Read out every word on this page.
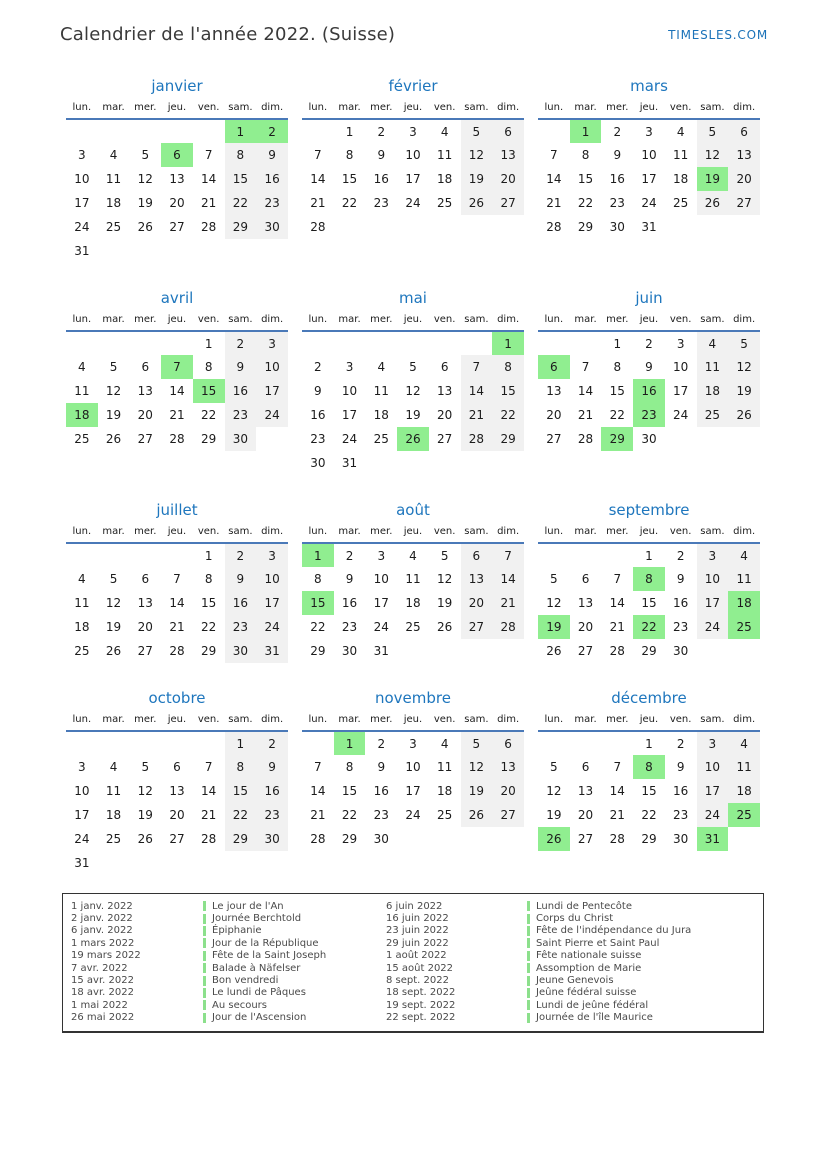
Calendrier de l'année 2022. (Suisse)	TIMESLES.COM
janvier
lun.	mar.	mer.	jeu.	ven.	sam.	dim.
					1	2
3	4	5	6	7	8	9
10	11	12	13	14	15	16
17	18	19	20	21	22	23
24	25	26	27	28	29	30
31						
février
lun.	mar.	mer.	jeu.	ven.	sam.	dim.
	1	2	3	4	5	6
7	8	9	10	11	12	13
14	15	16	17	18	19	20
21	22	23	24	25	26	27
28						
mars
lun.	mar.	mer.	jeu.	ven.	sam.	dim.
	1	2	3	4	5	6
7	8	9	10	11	12	13
14	15	16	17	18	19	20
21	22	23	24	25	26	27
28	29	30	31			
avril
lun.	mar.	mer.	jeu.	ven.	sam.	dim.
				1	2	3
4	5	6	7	8	9	10
11	12	13	14	15	16	17
18	19	20	21	22	23	24
25	26	27	28	29	30	
mai
lun.	mar.	mer.	jeu.	ven.	sam.	dim.
						1
2	3	4	5	6	7	8
9	10	11	12	13	14	15
16	17	18	19	20	21	22
23	24	25	26	27	28	29
30	31					
juin
lun.	mar.	mer.	jeu.	ven.	sam.	dim.
		1	2	3	4	5
6	7	8	9	10	11	12
13	14	15	16	17	18	19
20	21	22	23	24	25	26
27	28	29	30			
juillet
lun.	mar.	mer.	jeu.	ven.	sam.	dim.
				1	2	3
4	5	6	7	8	9	10
11	12	13	14	15	16	17
18	19	20	21	22	23	24
25	26	27	28	29	30	31
août
lun.	mar.	mer.	jeu.	ven.	sam.	dim.
1	2	3	4	5	6	7
8	9	10	11	12	13	14
15	16	17	18	19	20	21
22	23	24	25	26	27	28
29	30	31				
septembre
lun.	mar.	mer.	jeu.	ven.	sam.	dim.
			1	2	3	4
5	6	7	8	9	10	11
12	13	14	15	16	17	18
19	20	21	22	23	24	25
26	27	28	29	30		
octobre
lun.	mar.	mer.	jeu.	ven.	sam.	dim.
					1	2
3	4	5	6	7	8	9
10	11	12	13	14	15	16
17	18	19	20	21	22	23
24	25	26	27	28	29	30
31						
novembre
lun.	mar.	mer.	jeu.	ven.	sam.	dim.
	1	2	3	4	5	6
7	8	9	10	11	12	13
14	15	16	17	18	19	20
21	22	23	24	25	26	27
28	29	30				
décembre
lun.	mar.	mer.	jeu.	ven.	sam.	dim.
			1	2	3	4
5	6	7	8	9	10	11
12	13	14	15	16	17	18
19	20	21	22	23	24	25
26	27	28	29	30	31	
1 janv. 2022	Le jour de l'An
2 janv. 2022	Journée Berchtold
6 janv. 2022	Épiphanie
1 mars 2022	Jour de la République
19 mars 2022	Fête de la Saint Joseph
7 avr. 2022	Balade à Näfelser
15 avr. 2022	Bon vendredi
18 avr. 2022	Le lundi de Pâques
1 mai 2022	Au secours
26 mai 2022	Jour de l'Ascension
6 juin 2022	Lundi de Pentecôte
16 juin 2022	Corps du Christ
23 juin 2022	Fête de l'indépendance du Jura
29 juin 2022	Saint Pierre et Saint Paul
1 août 2022	Fête nationale suisse
15 août 2022	Assomption de Marie
8 sept. 2022	Jeune Genevois
18 sept. 2022	Jeûne fédéral suisse
19 sept. 2022	Lundi de jeûne fédéral
22 sept. 2022	Journée de l'île Maurice
